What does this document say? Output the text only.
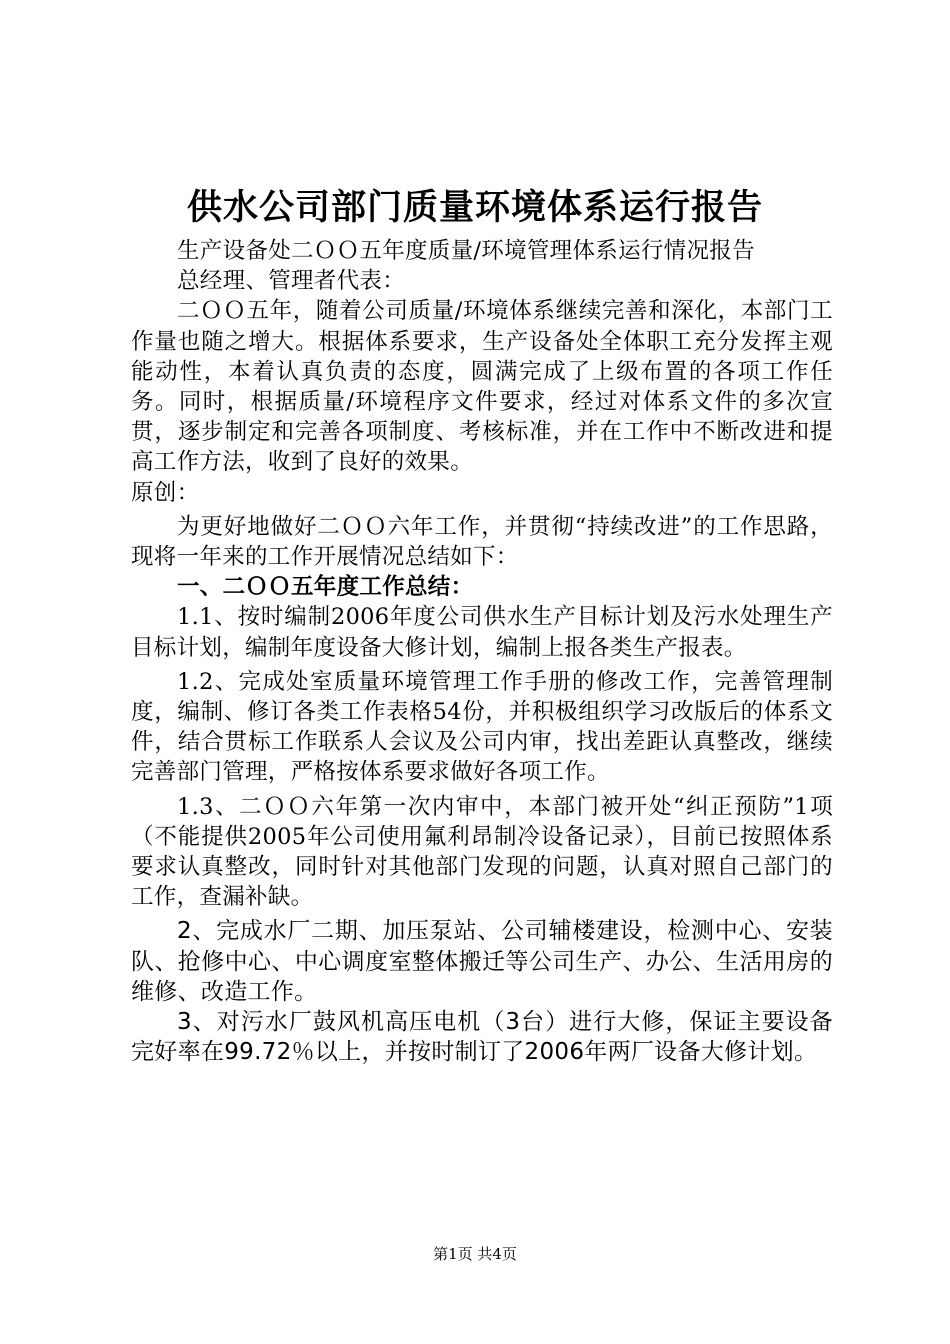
供水公司部门质量环境体系运行报告

生产设备处二ＯＯ五年度质量/环境管理体系运行情况报告

总经理、管理者代表：

二ＯＯ五年，随着公司质量/环境体系继续完善和深化，本部门工作量也随之增大。根据体系要求，生产设备处全体职工充分发挥主观能动性，本着认真负责的态度，圆满完成了上级布置的各项工作任务。同时，根据质量/环境程序文件要求，经过对体系文件的多次宣贯，逐步制定和完善各项制度、考核标准，并在工作中不断改进和提高工作方法，收到了良好的效果。

原创：

为更好地做好二ＯＯ六年工作，并贯彻“持续改进”的工作思路，现将一年来的工作开展情况总结如下：

一、二ＯＯ五年度工作总结：

1.1、按时编制2006年度公司供水生产目标计划及污水处理生产目标计划，编制年度设备大修计划，编制上报各类生产报表。

1.2、完成处室质量环境管理工作手册的修改工作，完善管理制度，编制、修订各类工作表格54份，并积极组织学习改版后的体系文件，结合贯标工作联系人会议及公司内审，找出差距认真整改，继续完善部门管理，严格按体系要求做好各项工作。

1.3、二ＯＯ六年第一次内审中，本部门被开处“纠正预防”1项（不能提供2005年公司使用氟利昂制冷设备记录），目前已按照体系要求认真整改，同时针对其他部门发现的问题，认真对照自己部门的工作，查漏补缺。

2、完成水厂二期、加压泵站、公司辅楼建设，检测中心、安装队、抢修中心、中心调度室整体搬迁等公司生产、办公、生活用房的维修、改造工作。

3、对污水厂鼓风机高压电机（3台）进行大修，保证主要设备完好率在99.72％以上，并按时制订了2006年两厂设备大修计划。

第1页 共4页
